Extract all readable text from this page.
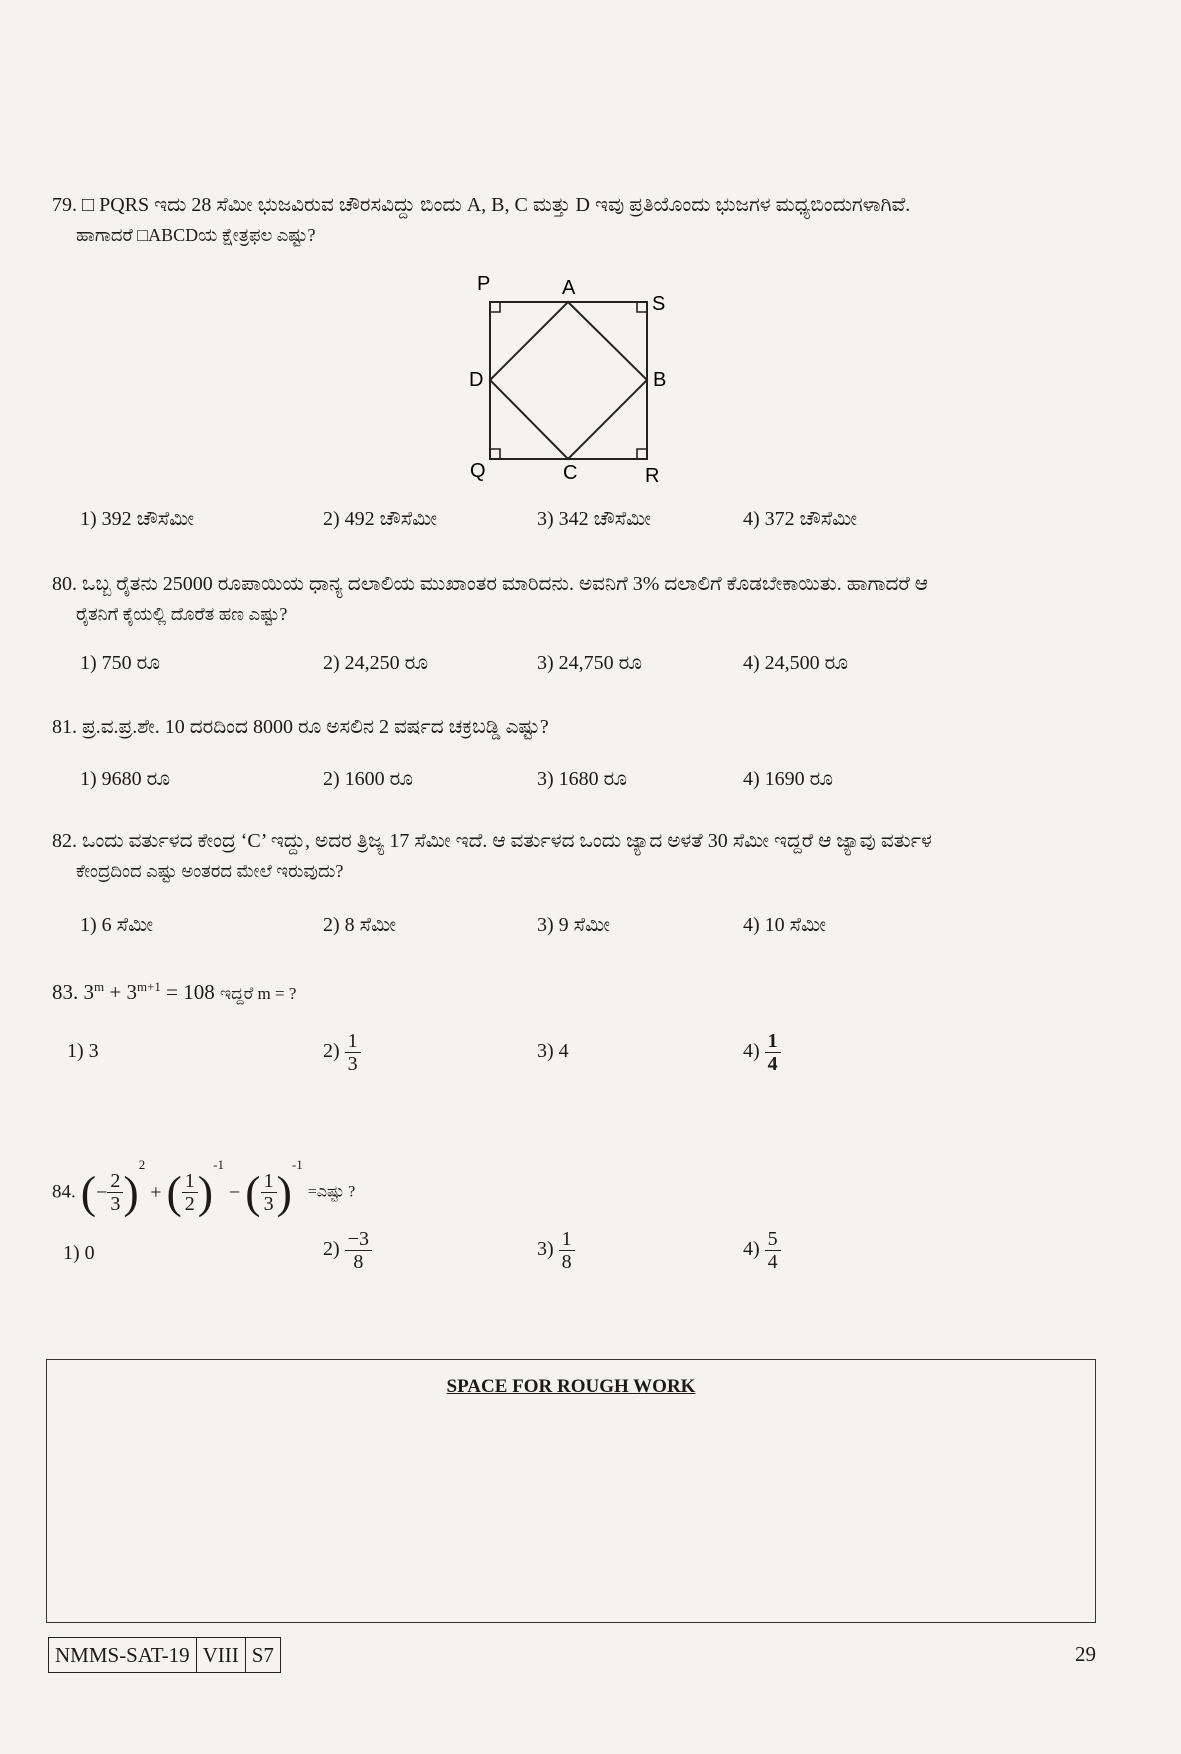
79. □ PQRS ಇದು 28 ಸೆಮೀ ಭುಜವಿರುವ ಚೌರಸವಿದ್ದು ಬಿಂದು A, B, C ಮತ್ತು D ಇವು ಪ್ರತಿಯೊಂದು ಭುಜಗಳ ಮಧ್ಯಬಿಂದುಗಳಾಗಿವೆ.
ಹಾಗಾದರೆ □ABCDಯ ಕ್ಷೇತ್ರಫಲ ಎಷ್ಟು?
P	A
S
D	B
Q	C	R
1) 392 ಚೌಸೆಮೀ	2) 492 ಚೌಸೆಮೀ	3) 342 ಚೌಸೆಮೀ	4) 372 ಚೌಸೆಮೀ
80. ಒಬ್ಬ ರೈತನು 25000 ರೂಪಾಯಿಯ ಧಾನ್ಯ ದಲಾಲಿಯ ಮುಖಾಂತರ ಮಾರಿದನು. ಅವನಿಗೆ 3% ದಲಾಲಿಗೆ ಕೊಡಬೇಕಾಯಿತು. ಹಾಗಾದರೆ ಆ
ರೈತನಿಗೆ ಕೈಯಲ್ಲಿ ದೊರೆತ ಹಣ ಎಷ್ಟು?
1) 750 ರೂ	2) 24,250 ರೂ	3) 24,750 ರೂ	4) 24,500 ರೂ
81. ಪ್ರ.ವ.ಪ್ರ.ಶೇ. 10 ದರದಿಂದ 8000 ರೂ ಅಸಲಿನ 2 ವರ್ಷದ ಚಕ್ರಬಡ್ಡಿ ಎಷ್ಟು?
1) 9680 ರೂ	2) 1600 ರೂ	3) 1680 ರೂ	4) 1690 ರೂ
82. ಒಂದು ವರ್ತುಳದ ಕೇಂದ್ರ ‘C’ ಇದ್ದು, ಅದರ ತ್ರಿಜ್ಯ 17 ಸೆಮೀ ಇದೆ. ಆ ವರ್ತುಳದ ಒಂದು ಜ್ಯಾದ ಅಳತೆ 30 ಸೆಮೀ ಇದ್ದರೆ ಆ ಜ್ಯಾವು ವರ್ತುಳ
ಕೇಂದ್ರದಿಂದ ಎಷ್ಟು ಅಂತರದ ಮೇಲೆ ಇರುವುದು?
1) 6 ಸೆಮೀ	2) 8 ಸೆಮೀ	3) 9 ಸೆಮೀ	4) 10 ಸೆಮೀ
83. $3^m + 3^{m+1} = 108$ ಇದ್ದರೆ m = ?
1) 3	$2) \frac{1}{3}$	3) 4	$4) \frac{1}{4}$
84. (− $\frac{2}{3} )^2$ + ( $\frac{1}{2} )^{-1}$ − ( $\frac{1}{3} )^{-1}$ =ಎಷ್ಟು ?
1) 0	$2) \frac{-3}{8}$	$3) \frac{1}{8}$	$4) \frac{5}{4}$
SPACE FOR ROUGH WORK
NMMS-SAT-19 VIII S7	29
